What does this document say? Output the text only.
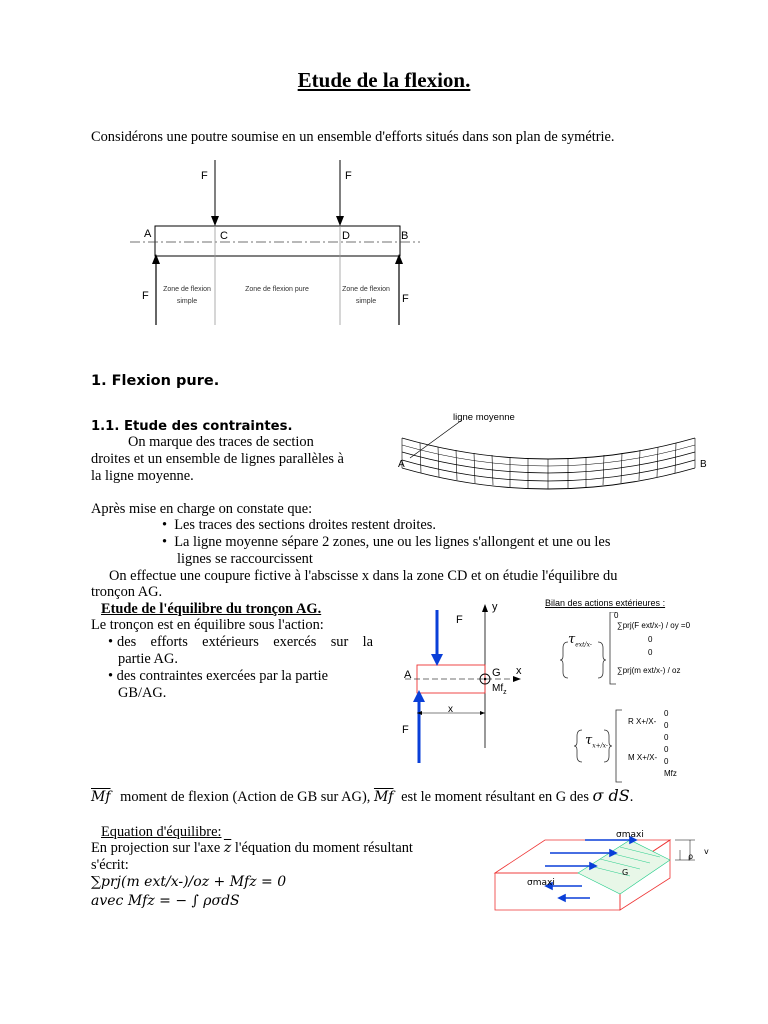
Etude de la flexion.
Considérons une poutre soumise en un ensemble d'efforts situés dans son plan de symétrie.
F	F
A	C	D	B
F	F
Zone de flexion
simple
Zone de flexion pure	Zone de flexion
simple
1. Flexion pure.
1.1. Etude des contraintes.
On marque des traces de section
droites et un ensemble de lignes parallèles à
la ligne moyenne.
ligne moyenne
A	B
Après mise en charge on constate que:
•  Les traces des sections droites restent droites.
•  La ligne moyenne sépare 2 zones, une ou les lignes s'allongent et une ou les
lignes se raccourcissent
On effectue une coupure fictive à l'abscisse x dans la zone CD et on étudie l'équilibre du
tronçon AG.
Etude de l'équilibre du tronçon AG.
Le tronçon est en équilibre sous l'action:
• des efforts extérieurs exercés sur la
partie AG.
• des contraintes exercées par la partie
GB/AG.
F
y
x
A	G
$Mf_z$
x
F
Bilan des actions extérieures :
$\tau_{ext/x-}$
0
∑prj(F ext/x-) / oy =0
0
0
∑prj(m ext/x-) / oz
$\tau_{x+/x-}$
R X+/X-
M X+/X-
0
0
0
0
0
Mfz
$\overline{Mf}$ moment de flexion (Action de GB sur AG), $\overline{Mf}$ est le moment résultant en G des σ dS.
Equation d'équilibre:
En projection sur l'axe $\overline{z}$ l'équation du moment résultant
s'écrit:
∑prj(m ext/x-)/oz + Mfz = 0
avec Mfz = − ∫ ρσdS
σmaxi
σmaxi
G
ρ
v
